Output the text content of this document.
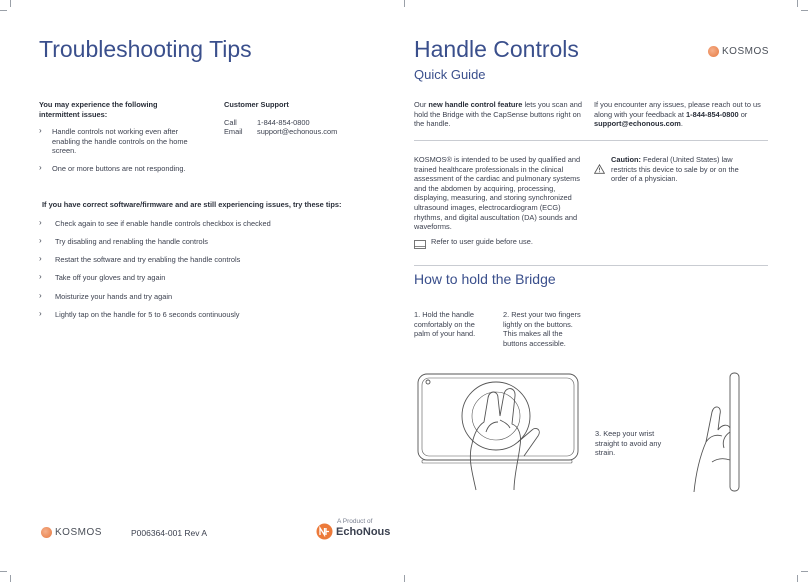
Troubleshooting Tips
You may experience the following intermittent issues:
› Handle controls not working even after enabling the handle controls on the home screen.
› One or more buttons are not responding.
Customer Support
Call	1-844-854-0800
Email support@echonous.com
If you have correct software/firmware and are still experiencing issues, try these tips:
› Check again to see if enable handle controls checkbox is checked
› Try disabling and renabling the handle controls
› Restart the software and try enabling the handle controls
› Take off your gloves and try again
› Moisturize your hands and try again
› Lightly tap on the handle for 5 to 6 seconds continuously
KOSMOS	P006364-001 Rev A
A Product of
EchoNous
Handle Controls
Quick Guide
KOSMOS
Our new handle control feature lets you scan and hold the Bridge with the CapSense buttons right on the handle.
If you encounter any issues, please reach out to us along with your feedback at 1-844-854-0800 or support@echonous.com.
KOSMOS® is intended to be used by qualified and trained healthcare professionals in the clinical assessment of the cardiac and pulmonary systems and the abdomen by acquiring, processing, displaying, measuring, and storing synchronized ultrasound images, electrocardiogram (ECG) rhythms, and digital auscultation (DA) sounds and waveforms.
Caution: Federal (United States) law restricts this device to sale by or on the order of a physician.
Refer to user guide before use.
How to hold the Bridge
1. Hold the handle comfortably on the palm of your hand.
2. Rest your two fingers lightly on the buttons. This makes all the buttons accessible.
3. Keep your wrist straight to avoid any strain.
